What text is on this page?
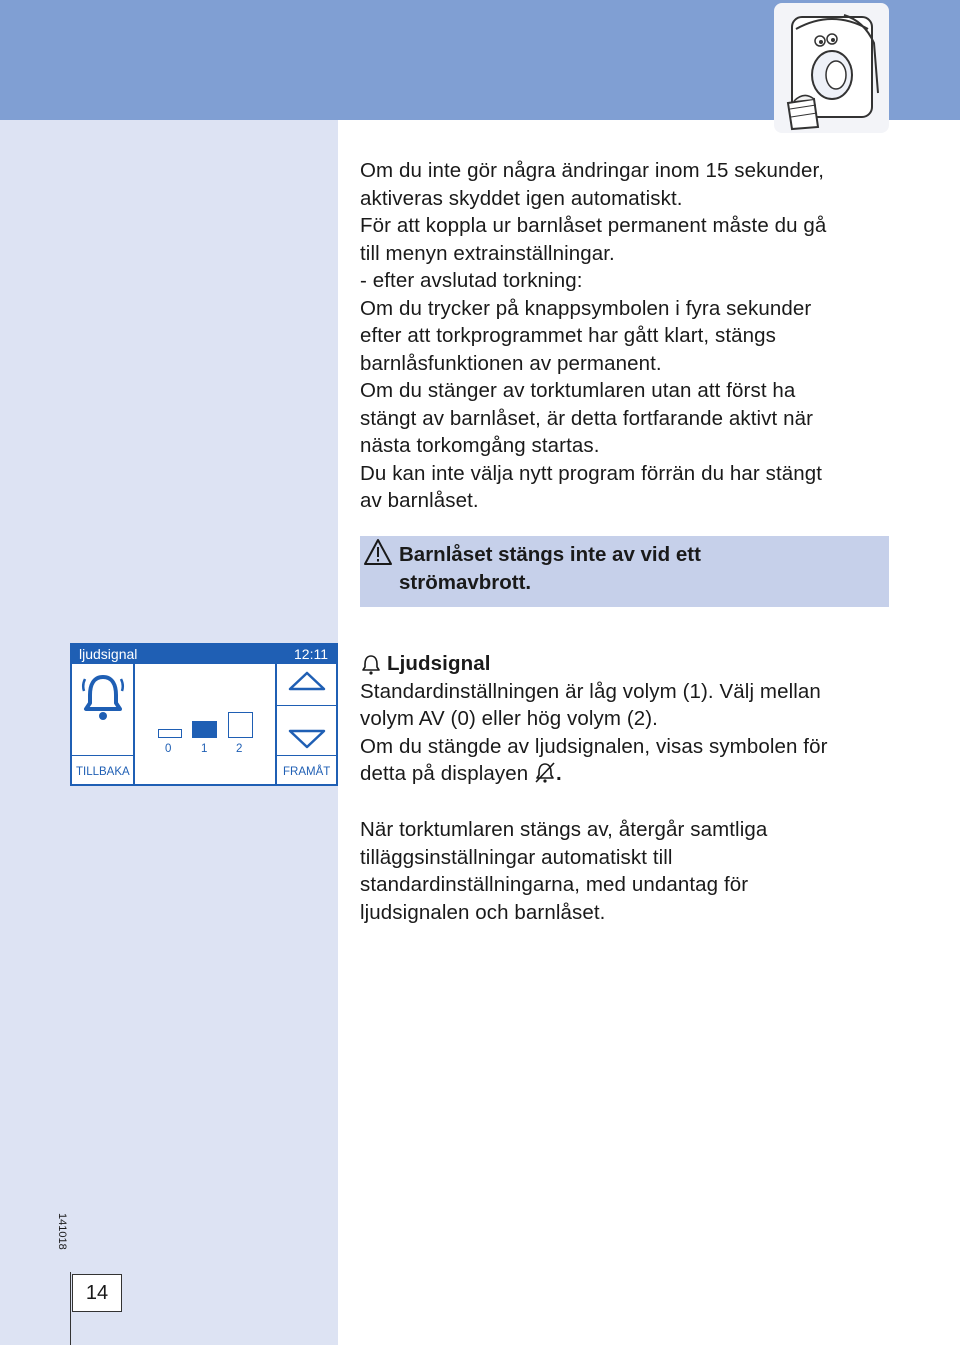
Om du inte gör några ändringar inom 15 sekunder,

aktiveras skyddet igen automatiskt.

För att koppla ur barnlåset permanent måste du gå

till menyn extrainställningar.

- efter avslutad torkning:

Om du trycker på knappsymbolen i fyra sekunder

efter att torkprogrammet har gått klart, stängs

barnlåsfunktionen av permanent.

Om du stänger av torktumlaren utan att först ha

stängt av barnlåset, är detta fortfarande aktivt när

nästa torkomgång startas.

Du kan inte välja nytt program förrän du har stängt

av barnlåset.

Barnlåset stängs inte av vid ett
strömavbrott.

ljudsignal	12:11
0	1 2
TILLBAKA	FRAMÅT

Ljudsignal

Standardinställningen är låg volym (1). Välj mellan

volym AV (0) eller hög volym (2).

Om du stängde av ljudsignalen, visas symbolen för

detta på displayen .

När torktumlaren stängs av, återgår samtliga

tilläggsinställningar automatiskt till

standardinställningarna, med undantag för

ljudsignalen och barnlåset.

141018
14
